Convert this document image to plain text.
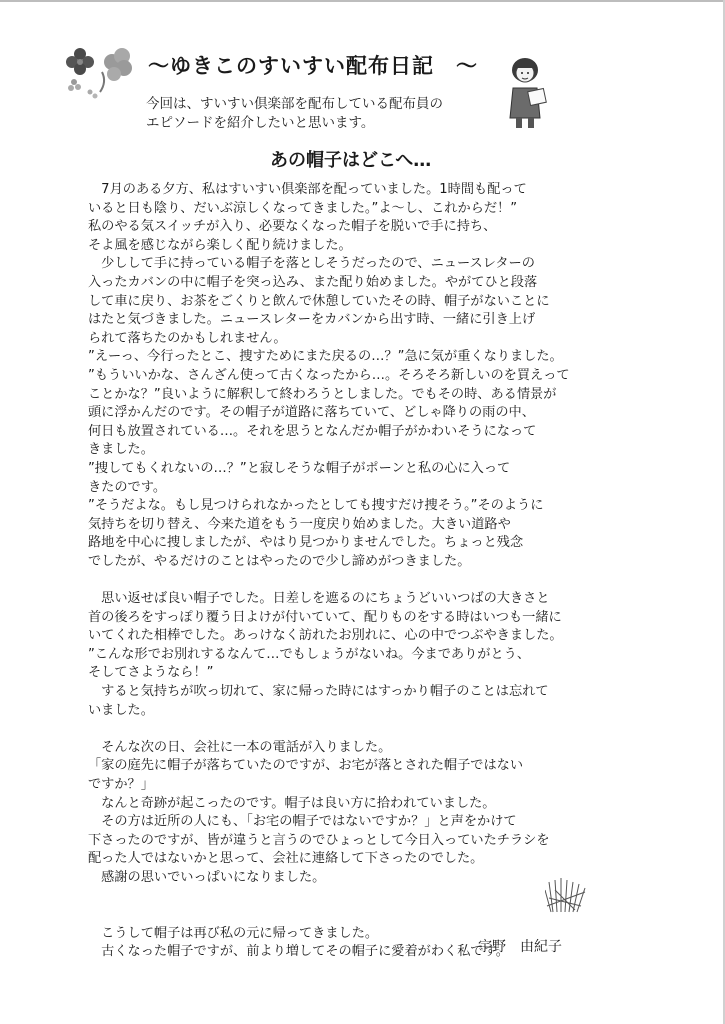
～ゆきこのすいすい配布日記　～
今回は、すいすい倶楽部を配布している配布員の
エピソードを紹介したいと思います。
あの帽子はどこへ…
　7月のある夕方、私はすいすい倶楽部を配っていました。1時間も配って
いると日も陰り、だいぶ涼しくなってきました。”よ～し、これからだ！”
私のやる気スイッチが入り、必要なくなった帽子を脱いで手に持ち、
そよ風を感じながら楽しく配り続けました。
　少しして手に持っている帽子を落としそうだったので、ニュースレターの
入ったカバンの中に帽子を突っ込み、また配り始めました。やがてひと段落
して車に戻り、お茶をごくりと飲んで休憩していたその時、帽子がないことに
はたと気づきました。ニュースレターをカバンから出す時、一緒に引き上げ
られて落ちたのかもしれません。
”えーっ、今行ったとこ、捜すためにまた戻るの…？”急に気が重くなりました。
”もういいかな、さんざん使って古くなったから…。そろそろ新しいのを買えって
ことかな？”良いように解釈して終わろうとしました。でもその時、ある情景が
頭に浮かんだのです。その帽子が道路に落ちていて、どしゃ降りの雨の中、
何日も放置されている…。それを思うとなんだか帽子がかわいそうになって
きました。
”捜してもくれないの…？”と寂しそうな帽子がポーンと私の心に入って
きたのです。
”そうだよな。もし見つけられなかったとしても捜すだけ捜そう。”そのように
気持ちを切り替え、今来た道をもう一度戻り始めました。大きい道路や
路地を中心に捜しましたが、やはり見つかりませんでした。ちょっと残念
でしたが、やるだけのことはやったので少し諦めがつきました。
　思い返せば良い帽子でした。日差しを遮るのにちょうどいいつばの大きさと
首の後ろをすっぽり覆う日よけが付いていて、配りものをする時はいつも一緒に
いてくれた相棒でした。あっけなく訪れたお別れに、心の中でつぶやきました。
”こんな形でお別れするなんて…でもしょうがないね。今までありがとう、
そしてさようなら！”
　すると気持ちが吹っ切れて、家に帰った時にはすっかり帽子のことは忘れて
いました。
　そんな次の日、会社に一本の電話が入りました。
「家の庭先に帽子が落ちていたのですが、お宅が落とされた帽子ではない
ですか？」
　なんと奇跡が起こったのです。帽子は良い方に拾われていました。
　その方は近所の人にも、「お宅の帽子ではないですか？」と声をかけて
下さったのですが、皆が違うと言うのでひょっとして今日入っていたチラシを
配った人ではないかと思って、会社に連絡して下さったのでした。
　感謝の思いでいっぱいになりました。
　こうして帽子は再び私の元に帰ってきました。
　古くなった帽子ですが、前より増してその帽子に愛着がわく私です。
宇野　由紀子
